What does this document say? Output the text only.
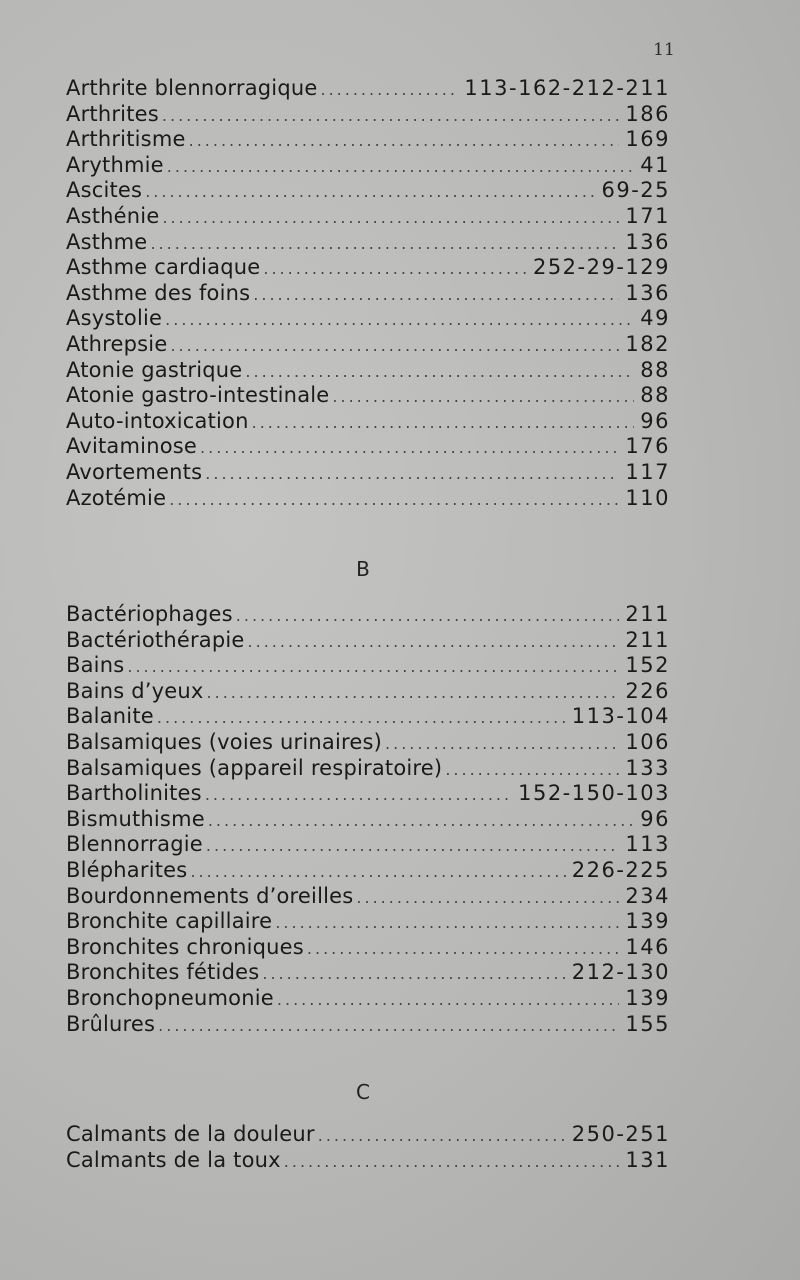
11
Arthrite blennorragique .....	113-162-212-211
Arthrites .....	186
Arthritisme .....	169
Arythmie .....	41
Ascites .....	69-25
Asthénie .....	171
Asthme .....	136
Asthme cardiaque .....	252-29-129
Asthme des foins .....	136
Asystolie .....	49
Athrepsie .....	182
Atonie gastrique .....	88
Atonie gastro-intestinale .....	88
Auto-intoxication .....	96
Avitaminose .....	176
Avortements .....	117
Azotémie .....	110
B
Bactériophages .....	211
Bactériothérapie .....	211
Bains .....	152
Bains d’yeux .....	226
Balanite .....	113-104
Balsamiques (voies urinaires) .....	106
Balsamiques (appareil respiratoire) .....	133
Bartholinites .....	152-150-103
Bismuthisme .....	96
Blennorragie .....	113
Blépharites .....	226-225
Bourdonnements d’oreilles .....	234
Bronchite capillaire .....	139
Bronchites chroniques .....	146
Bronchites fétides .....	212-130
Bronchopneumonie .....	139
Brûlures .....	155
C
Calmants de la douleur .....	250-251
Calmants de la toux .....	131
